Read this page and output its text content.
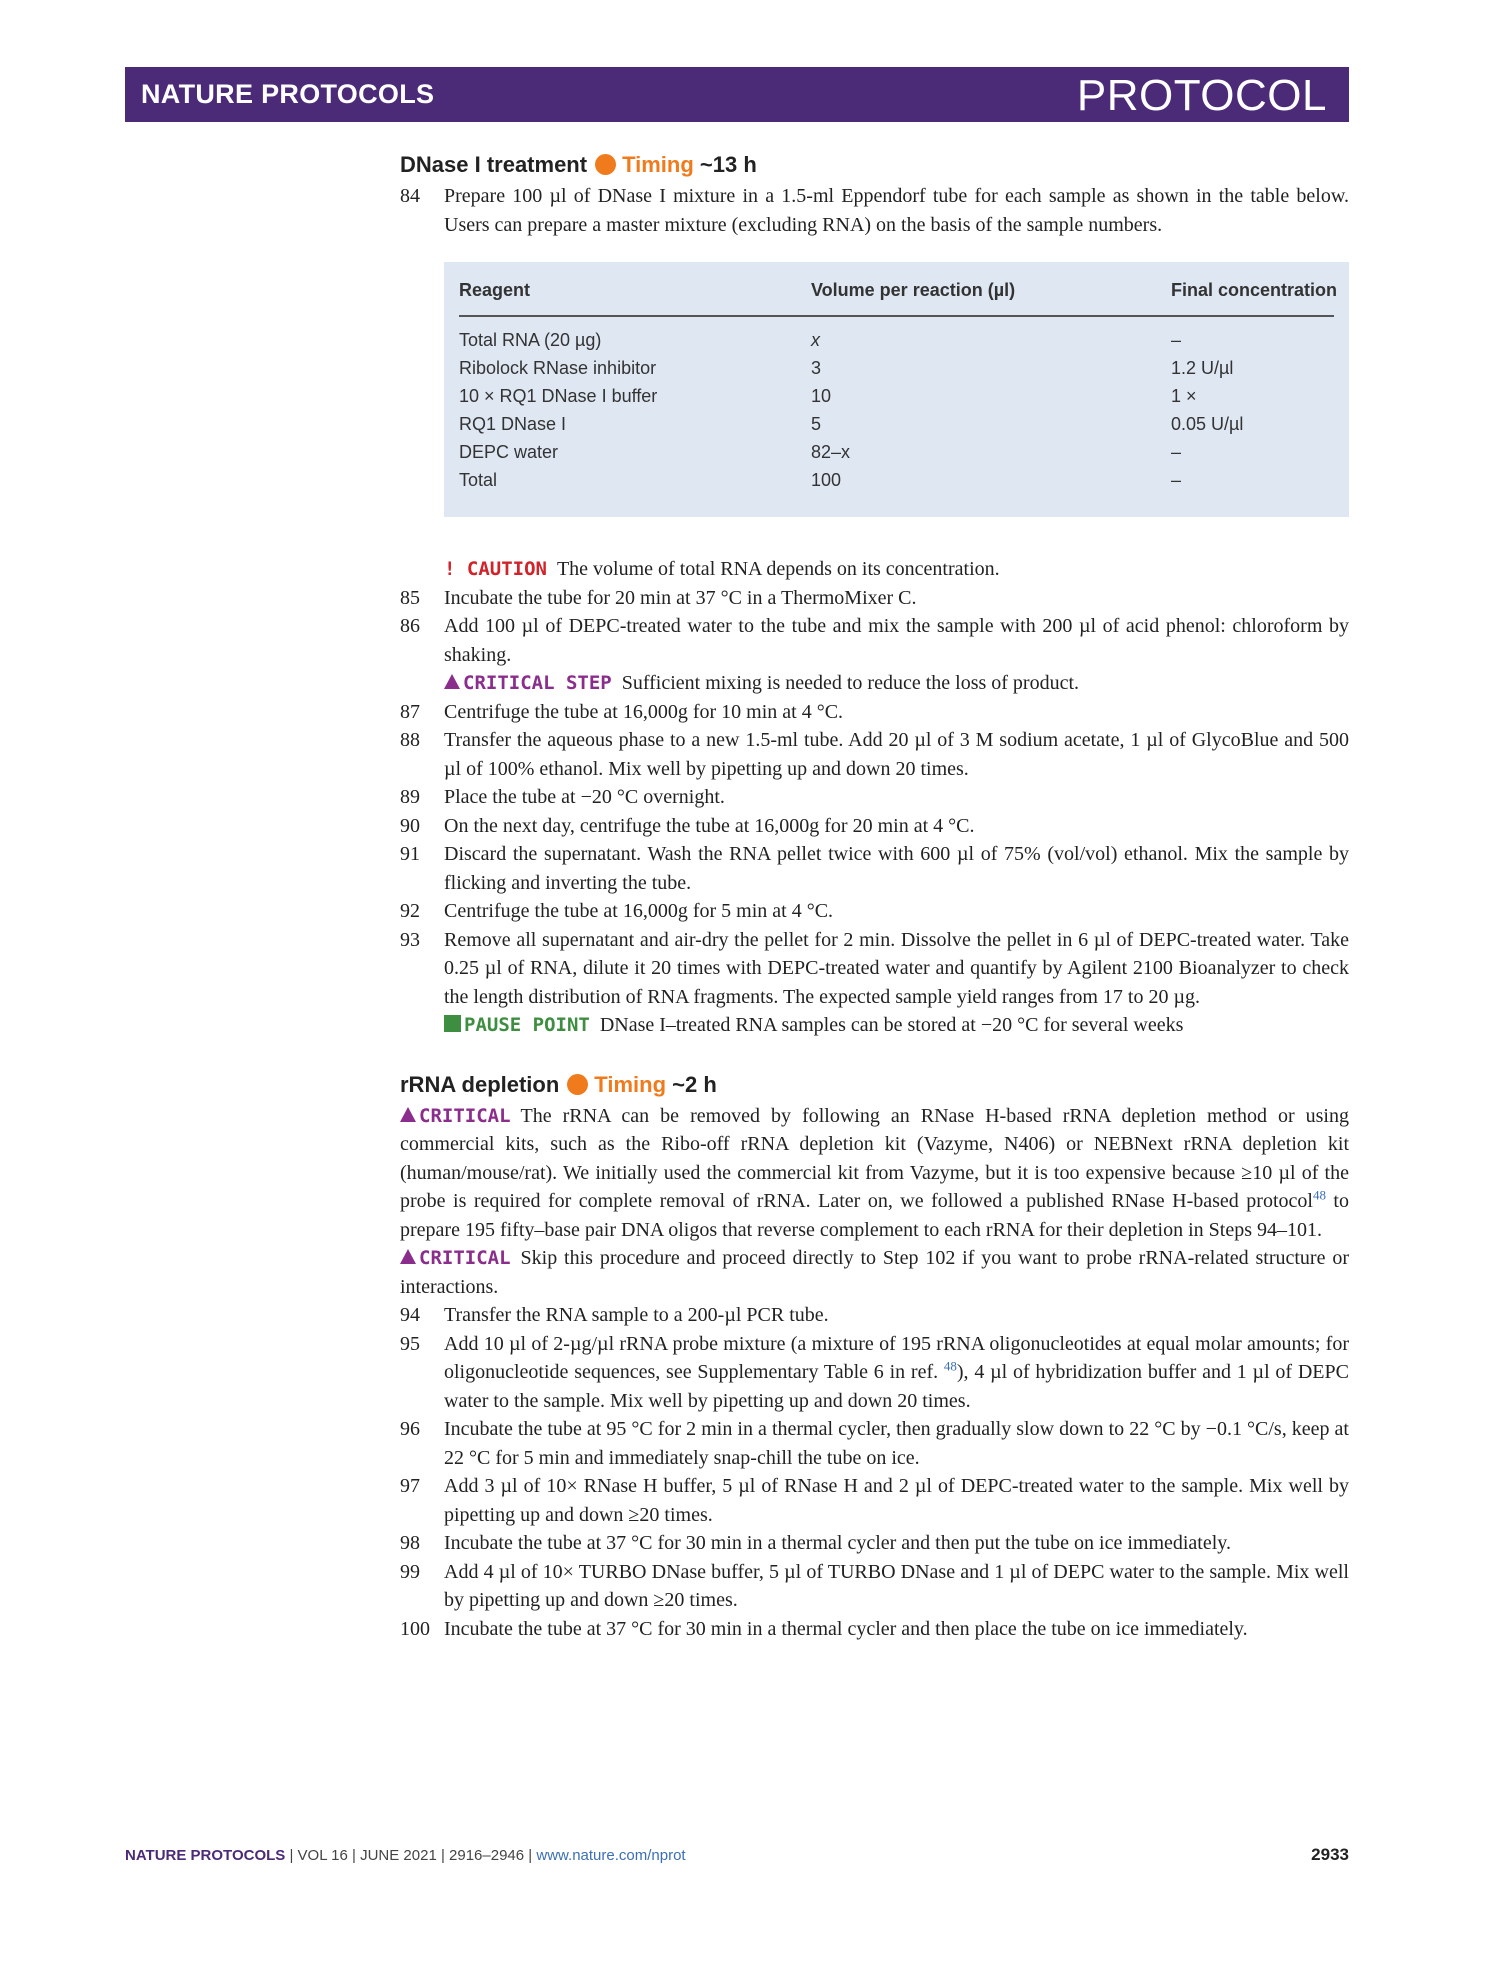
NATURE PROTOCOLS	PROTOCOL
DNase I treatment Timing ~13 h
84	Prepare 100 µl of DNase I mixture in a 1.5-ml Eppendorf tube for each sample as shown in the table below. Users can prepare a master mixture (excluding RNA) on the basis of the sample numbers.
Reagent	Volume per reaction (µl)	Final concentration
Total RNA (20 µg)	x	–
Ribolock RNase inhibitor	3	1.2 U/µl
10 × RQ1 DNase I buffer	10	1 ×
RQ1 DNase I	5	0.05 U/µl
DEPC water	82–x	–
Total	100	–
! CAUTION The volume of total RNA depends on its concentration.
85	Incubate the tube for 20 min at 37 °C in a ThermoMixer C.
86	Add 100 µl of DEPC-treated water to the tube and mix the sample with 200 µl of acid phenol: chloroform by shaking.
CRITICAL STEP Sufficient mixing is needed to reduce the loss of product.
87	Centrifuge the tube at 16,000g for 10 min at 4 °C.
88	Transfer the aqueous phase to a new 1.5-ml tube. Add 20 µl of 3 M sodium acetate, 1 µl of GlycoBlue and 500 µl of 100% ethanol. Mix well by pipetting up and down 20 times.
89	Place the tube at −20 °C overnight.
90	On the next day, centrifuge the tube at 16,000g for 20 min at 4 °C.
91	Discard the supernatant. Wash the RNA pellet twice with 600 µl of 75% (vol/vol) ethanol. Mix the sample by flicking and inverting the tube.
92	Centrifuge the tube at 16,000g for 5 min at 4 °C.
93	Remove all supernatant and air-dry the pellet for 2 min. Dissolve the pellet in 6 µl of DEPC-treated water. Take 0.25 µl of RNA, dilute it 20 times with DEPC-treated water and quantify by Agilent 2100 Bioanalyzer to check the length distribution of RNA fragments. The expected sample yield ranges from 17 to 20 µg.
PAUSE POINT DNase I–treated RNA samples can be stored at −20 °C for several weeks
rRNA depletion Timing ~2 h
CRITICAL The rRNA can be removed by following an RNase H-based rRNA depletion method or using commercial kits, such as the Ribo-off rRNA depletion kit (Vazyme, N406) or NEBNext rRNA depletion kit (human/mouse/rat). We initially used the commercial kit from Vazyme, but it is too expensive because ≥10 µl of the probe is required for complete removal of rRNA. Later on, we followed a published RNase H-based protocol$^{48}$ to prepare 195 fifty–base pair DNA oligos that reverse complement to each rRNA for their depletion in Steps 94–101.
CRITICAL Skip this procedure and proceed directly to Step 102 if you want to probe rRNA-related structure or interactions.
94	Transfer the RNA sample to a 200-µl PCR tube.
95	Add 10 µl of 2-µg/µl rRNA probe mixture (a mixture of 195 rRNA oligonucleotides at equal molar amounts; for oligonucleotide sequences, see Supplementary Table 6 in ref. $^{48}$), 4 µl of hybridization buffer and 1 µl of DEPC water to the sample. Mix well by pipetting up and down 20 times.
96	Incubate the tube at 95 °C for 2 min in a thermal cycler, then gradually slow down to 22 °C by −0.1 °C/s, keep at 22 °C for 5 min and immediately snap-chill the tube on ice.
97	Add 3 µl of 10× RNase H buffer, 5 µl of RNase H and 2 µl of DEPC-treated water to the sample. Mix well by pipetting up and down ≥20 times.
98	Incubate the tube at 37 °C for 30 min in a thermal cycler and then put the tube on ice immediately.
99	Add 4 µl of 10× TURBO DNase buffer, 5 µl of TURBO DNase and 1 µl of DEPC water to the sample. Mix well by pipetting up and down ≥20 times.
100 Incubate the tube at 37 °C for 30 min in a thermal cycler and then place the tube on ice immediately.
NATURE PROTOCOLS | VOL 16 | JUNE 2021 | 2916–2946 | www.nature.com/nprot	2933
